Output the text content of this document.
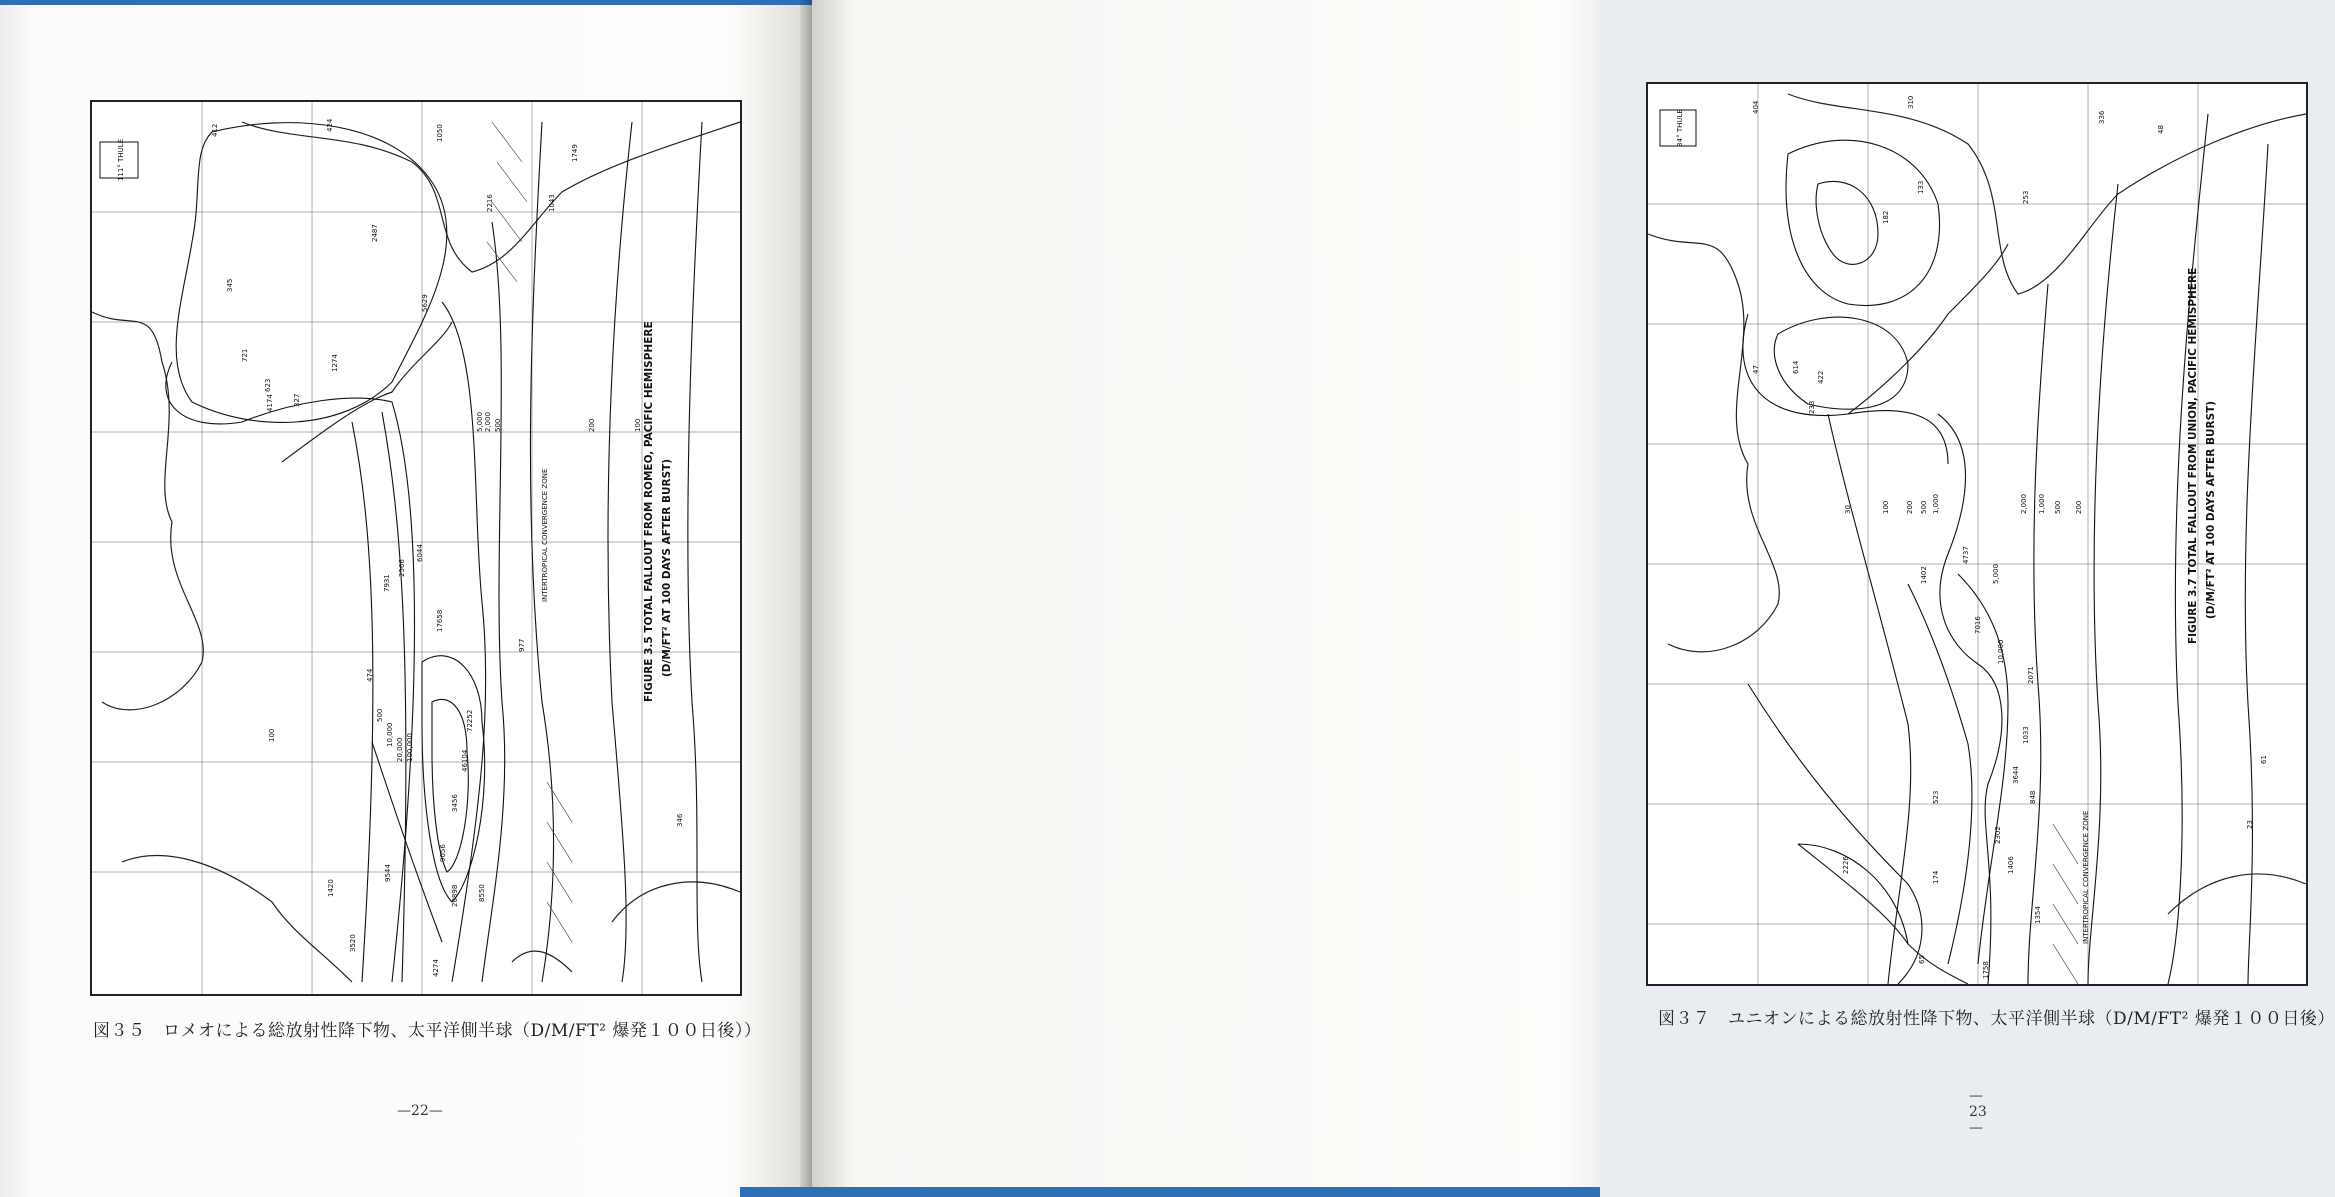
111° THULE
INTERTROPICAL CONVERGENCE ZONE	FIGURE 3.5 TOTAL FALLOUT FROM ROMEO, PACIFIC HEMISPHERE (D/M/FT² AT 100 DAYS AFTER BURST)
412	1050
424
1749
2216	1043
2487
5629
345
721
623
1274
4174	327
7931
2566
6044
17658
474
977
72252
46104
3456
9056
20898	8550
9544
4274
3520
346
1420
100
5,000 2,000 500	200	100
500
10,000
20,000 100,000
図３５　ロメオによる総放射性降下物、太平洋側半球（D/M/FT² 爆発１００日後））
—22—
34° THULE
INTERTROPICAL CONVERGENCE ZONE
FIGURE 3.7 TOTAL FALLOUT FROM UNION, PACIFIC HEMISPHERE (D/M/FT² AT 100 DAYS AFTER BURST)
404	310
336
48
253
182
133
614
422
233
47
1402
4737
7016
2071
3644
1033
848
2302
1406
1354
523
61
23
174
2226
1758
65
30	100 200 500 1,000	2,000 1,000 500 200
5,000
10,000
図３７　ユニオンによる総放射性降下物、太平洋側半球（D/M/FT² 爆発１００日後）
—23—
